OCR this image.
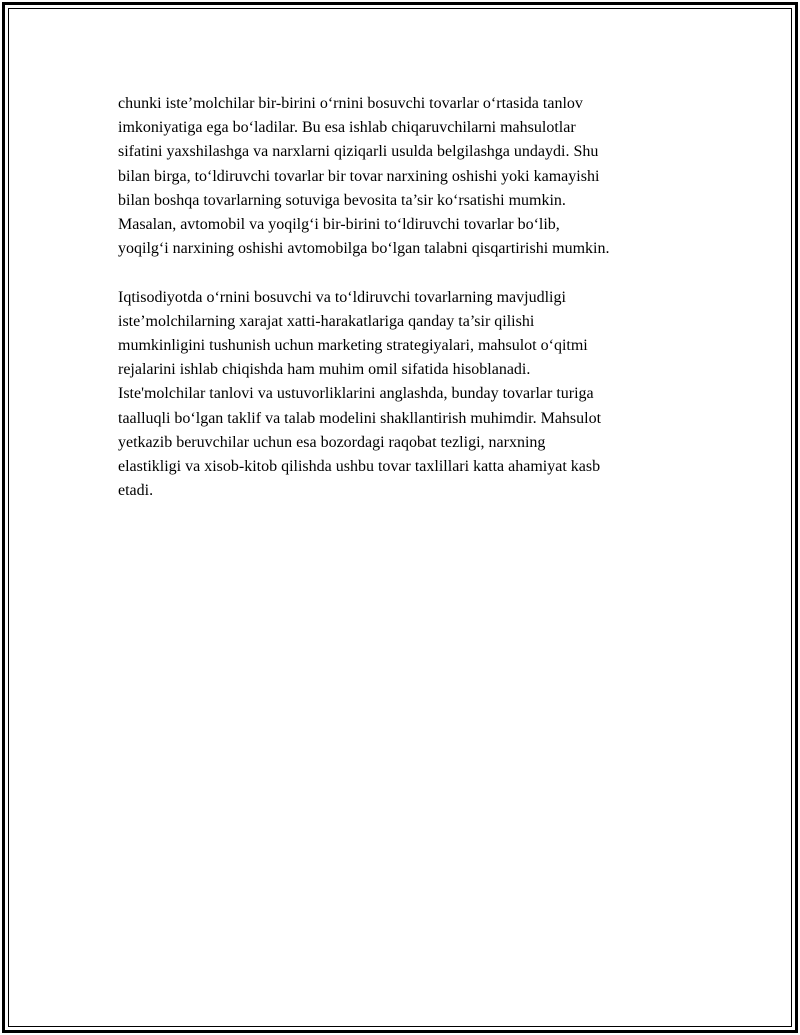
chunki iste’molchilar bir-birini o‘rnini bosuvchi tovarlar o‘rtasida tanlov
imkoniyatiga ega bo‘ladilar. Bu esa ishlab chiqaruvchilarni mahsulotlar
sifatini yaxshilashga va narxlarni qiziqarli usulda belgilashga undaydi. Shu
bilan birga, to‘ldiruvchi tovarlar bir tovar narxining oshishi yoki kamayishi
bilan boshqa tovarlarning sotuviga bevosita ta’sir ko‘rsatishi mumkin.
Masalan, avtomobil va yoqilg‘i bir-birini to‘ldiruvchi tovarlar bo‘lib,
yoqilg‘i narxining oshishi avtomobilga bo‘lgan talabni qisqartirishi mumkin.
Iqtisodiyotda o‘rnini bosuvchi va to‘ldiruvchi tovarlarning mavjudligi
iste’molchilarning xarajat xatti-harakatlariga qanday ta’sir qilishi
mumkinligini tushunish uchun marketing strategiyalari, mahsulot o‘qitmi
rejalarini ishlab chiqishda ham muhim omil sifatida hisoblanadi.
Iste'molchilar tanlovi va ustuvorliklarini anglashda, bunday tovarlar turiga
taalluqli bo‘lgan taklif va talab modelini shakllantirish muhimdir. Mahsulot
yetkazib beruvchilar uchun esa bozordagi raqobat tezligi, narxning
elastikligi va xisob-kitob qilishda ushbu tovar taxlillari katta ahamiyat kasb
etadi.
